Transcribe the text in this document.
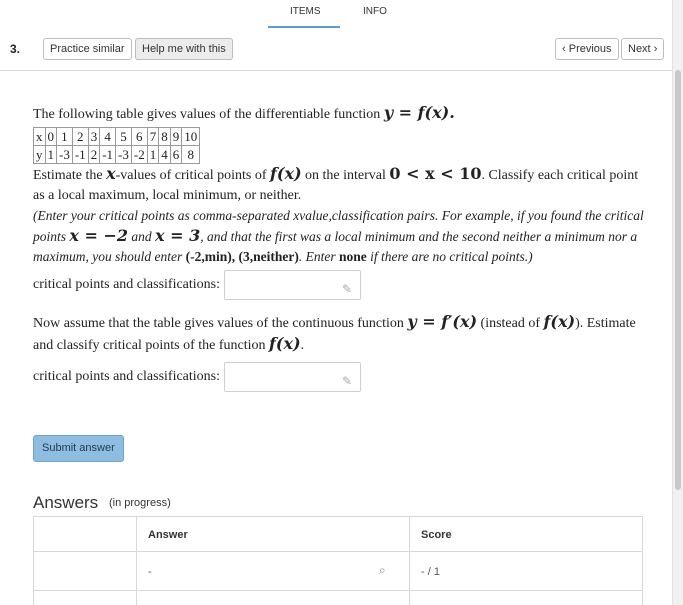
ITEMS	INFO
3.	Practice similar	Help me with this	‹ Previous	Next ›
The following table gives values of the differentiable function y = f(x).
x	0	1	2	3	4	5	6	7	8	9	10
y	1	-3	-1	2	-1	-3	-2	1	4	6	8
Estimate the x-values of critical points of f(x) on the interval 0 < x < 10. Classify each critical point as a local maximum, local minimum, or neither.
(Enter your critical points as comma-separated xvalue,classification pairs. For example, if you found the critical points x = −2 and x = 3, and that the first was a local minimum and the second neither a minimum nor a maximum, you should enter (-2,min), (3,neither). Enter none if there are no critical points.)
critical points and classifications:	✎
Now assume that the table gives values of the continuous function y = f′(x) (instead of f(x)). Estimate and classify critical points of the function f(x).
critical points and classifications:	✎
Submit answer
Answers (in progress)
Answer	Score
-	⌕	- / 1
